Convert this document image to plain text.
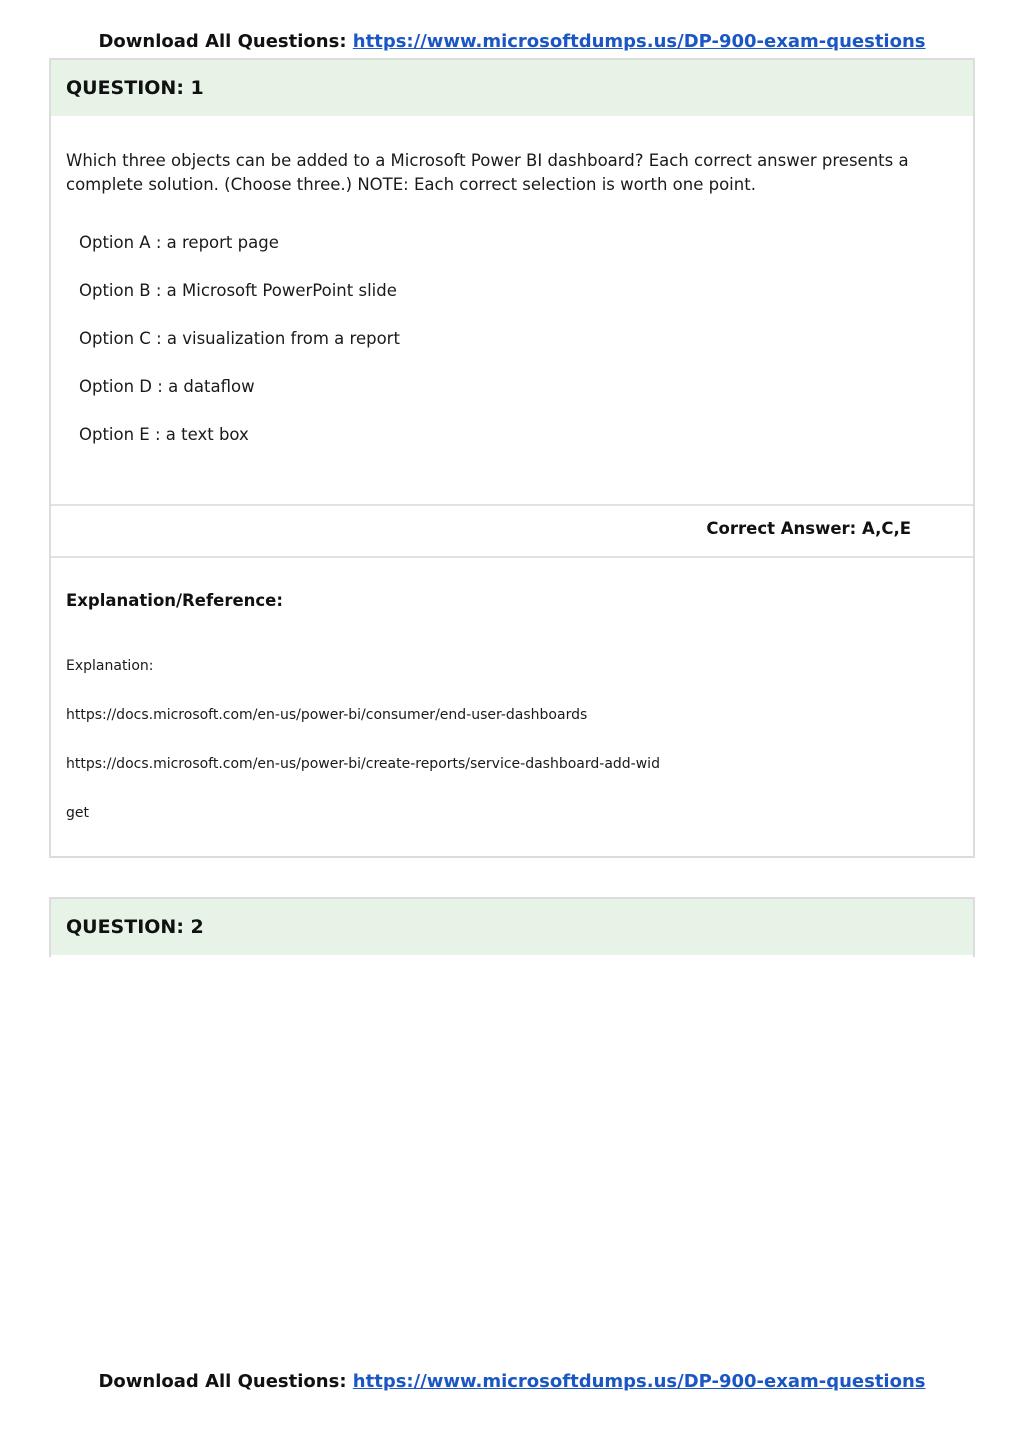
Download All Questions: https://www.microsoftdumps.us/DP-900-exam-questions
QUESTION: 1
Which three objects can be added to a Microsoft Power BI dashboard? Each correct answer presents a complete solution. (Choose three.) NOTE: Each correct selection is worth one point.
Option A : a report page
Option B : a Microsoft PowerPoint slide
Option C : a visualization from a report
Option D : a dataflow
Option E : a text box
Correct Answer: A,C,E
Explanation/Reference:
Explanation:
https://docs.microsoft.com/en-us/power-bi/consumer/end-user-dashboards
https://docs.microsoft.com/en-us/power-bi/create-reports/service-dashboard-add-wid
get
QUESTION: 2
Download All Questions: https://www.microsoftdumps.us/DP-900-exam-questions
